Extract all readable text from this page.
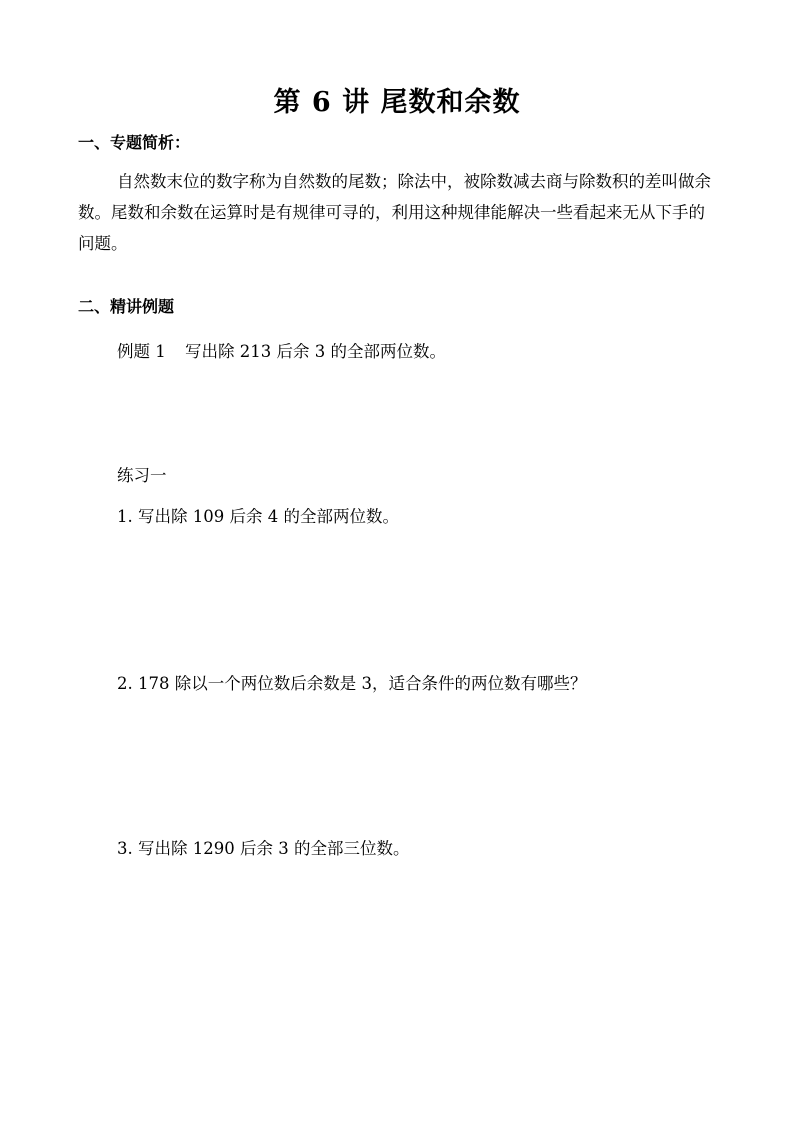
第 6 讲 尾数和余数
一、专题简析：
自然数末位的数字称为自然数的尾数；除法中，被除数减去商与除数积的差叫做余数。尾数和余数在运算时是有规律可寻的，利用这种规律能解决一些看起来无从下手的问题。
二、精讲例题
例题 1 写出除 213 后余 3 的全部两位数。
练习一
1. 写出除 109 后余 4 的全部两位数。
2. 178 除以一个两位数后余数是 3，适合条件的两位数有哪些？
3. 写出除 1290 后余 3 的全部三位数。
